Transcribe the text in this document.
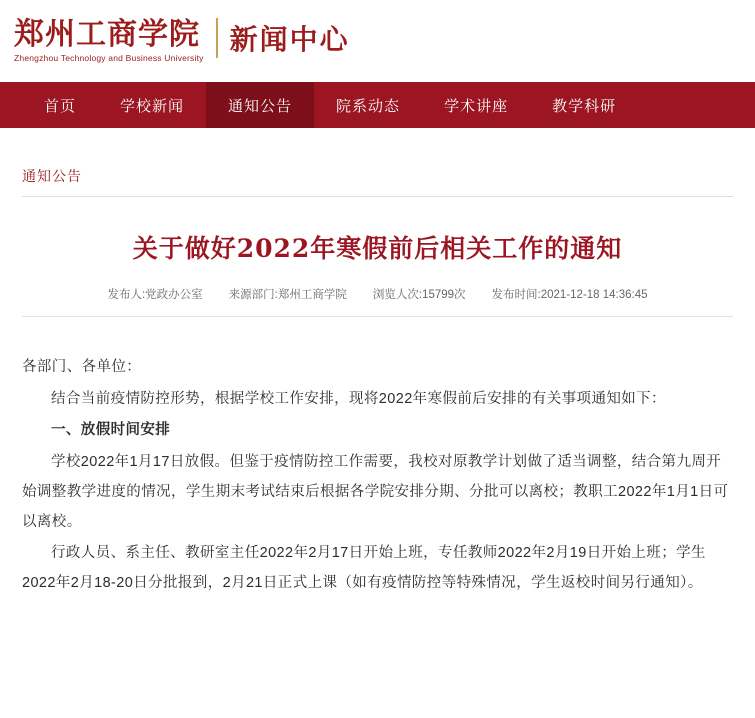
郑州工商学院
Zhengzhou Technology and Business University
新闻中心
首页	学校新闻	通知公告	院系动态	学术讲座	教学科研
通知公告
关于做好2022年寒假前后相关工作的通知
发布人:党政办公室 来源部门:郑州工商学院 浏览人次:15799次 发布时间:2021-12-18 14:36:45

各部门、各单位：

结合当前疫情防控形势，根据学校工作安排，现将2022年寒假前后安排的有关事项通知如下：

一、放假时间安排

学校2022年1月17日放假。但鉴于疫情防控工作需要，我校对原教学计划做了适当调整，结合第九周开始调整教学进度的情况，学生期末考试结束后根据各学院安排分期、分批可以离校；教职工2022年1月1日可以离校。

行政人员、系主任、教研室主任2022年2月17日开始上班，专任教师2022年2月19日开始上班；学生2022年2月18-20日分批报到，2月21日正式上课（如有疫情防控等特殊情况，学生返校时间另行通知）。
